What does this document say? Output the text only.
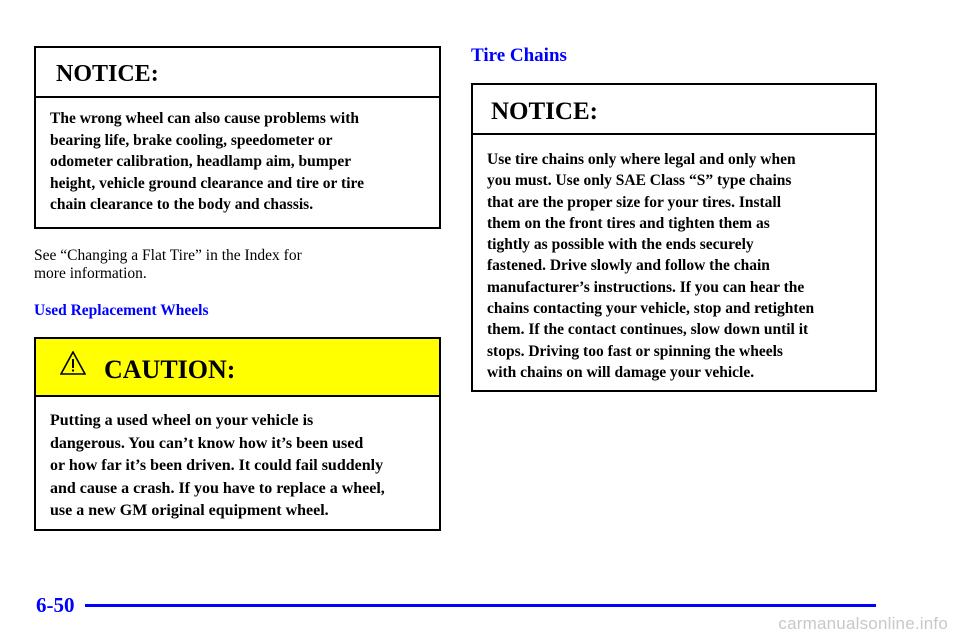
NOTICE:
The wrong wheel can also cause problems with
bearing life, brake cooling, speedometer or
odometer calibration, headlamp aim, bumper
height, vehicle ground clearance and tire or tire
chain clearance to the body and chassis.
See “Changing a Flat Tire” in the Index for
more information.
Used Replacement Wheels
CAUTION:
Putting a used wheel on your vehicle is
dangerous. You can’t know how it’s been used
or how far it’s been driven. It could fail suddenly
and cause a crash. If you have to replace a wheel,
use a new GM original equipment wheel.
Tire Chains
NOTICE:
Use tire chains only where legal and only when
you must. Use only SAE Class “S” type chains
that are the proper size for your tires. Install
them on the front tires and tighten them as
tightly as possible with the ends securely
fastened. Drive slowly and follow the chain
manufacturer’s instructions. If you can hear the
chains contacting your vehicle, stop and retighten
them. If the contact continues, slow down until it
stops. Driving too fast or spinning the wheels
with chains on will damage your vehicle.
6-50
carmanualsonline.info
